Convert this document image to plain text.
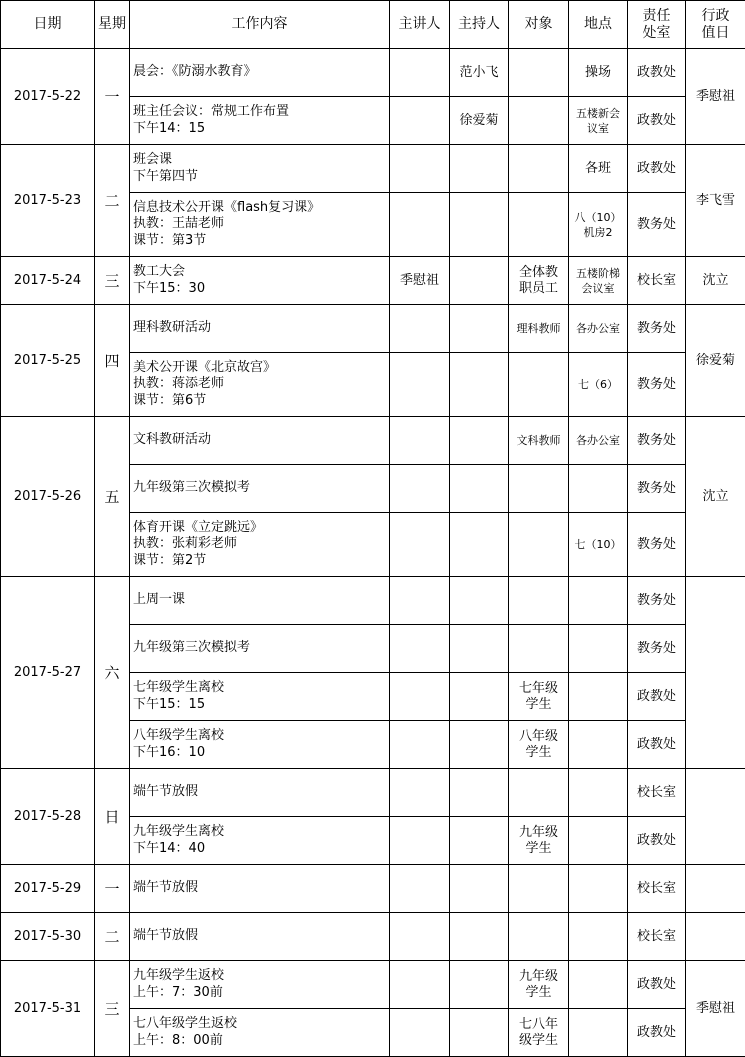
日期	星期	工作内容	主讲人	主持人	对象	地点	责任
处室	行政
值日
2017-5-22	一	晨会：《防溺水教育》		范小飞		操场	政教处	季慰祖
		班主任会议：常规工作布置
下午14：15		徐爱菊		五楼新会
议室	政教处	
2017-5-23	二	班会课
下午第四节				各班	政教处	李飞雪
		信息技术公开课《flash复习课》
执教：王喆老师
课节：第3节				八（10）
机房2	教务处	
2017-5-24	三	教工大会
下午15：30	季慰祖		全体教
职员工	五楼阶梯
会议室	校长室	沈立
2017-5-25	四	理科教研活动			理科教师	各办公室	教务处	徐爱菊
		美术公开课《北京故宫》
执教：蒋添老师
课节：第6节				七（6）	教务处	
2017-5-26	五	文科教研活动			文科教师	各办公室	教务处	沈立
		九年级第三次模拟考					教务处	
		体育开课《立定跳远》
执教：张莉彩老师
课节：第2节				七（10）	教务处	
2017-5-27	六	上周一课					教务处	
		九年级第三次模拟考					教务处	
		七年级学生离校
下午15：15			七年级
学生		政教处	
		八年级学生离校
下午16：10			八年级
学生		政教处	
2017-5-28	日	端午节放假					校长室	
		九年级学生离校
下午14：40			九年级
学生		政教处	
2017-5-29	一	端午节放假					校长室	
2017-5-30	二	端午节放假					校长室	
2017-5-31	三	九年级学生返校
上午：7：30前			九年级
学生		政教处	季慰祖
		七八年级学生返校
上午：8：00前			七八年
级学生		政教处	
